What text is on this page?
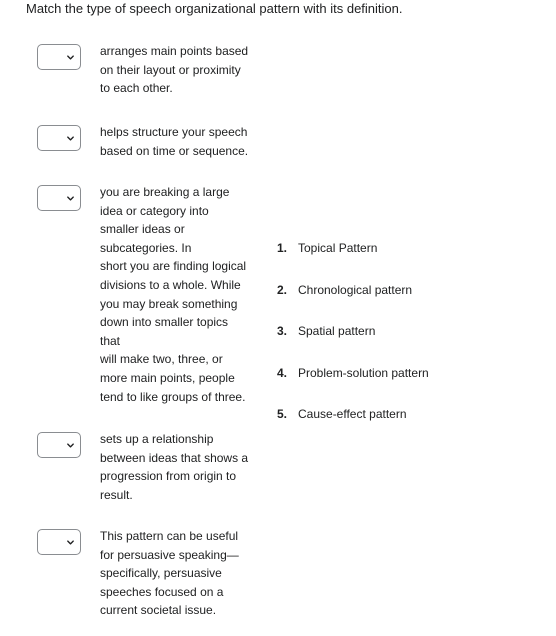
Match the type of speech organizational pattern with its definition.
arranges main points based
on their layout or proximity
to each other.
helps structure your speech
based on time or sequence.
you are breaking a large
idea or category into
smaller ideas or
subcategories. In
short you are finding logical
divisions to a whole. While
you may break something
down into smaller topics
that
will make two, three, or
more main points, people
tend to like groups of three.
sets up a relationship
between ideas that shows a
progression from origin to
result.
This pattern can be useful
for persuasive speaking—
specifically, persuasive
speeches focused on a
current societal issue.
1. Topical Pattern
2. Chronological pattern
3. Spatial pattern
4. Problem-solution pattern
5. Cause-effect pattern
